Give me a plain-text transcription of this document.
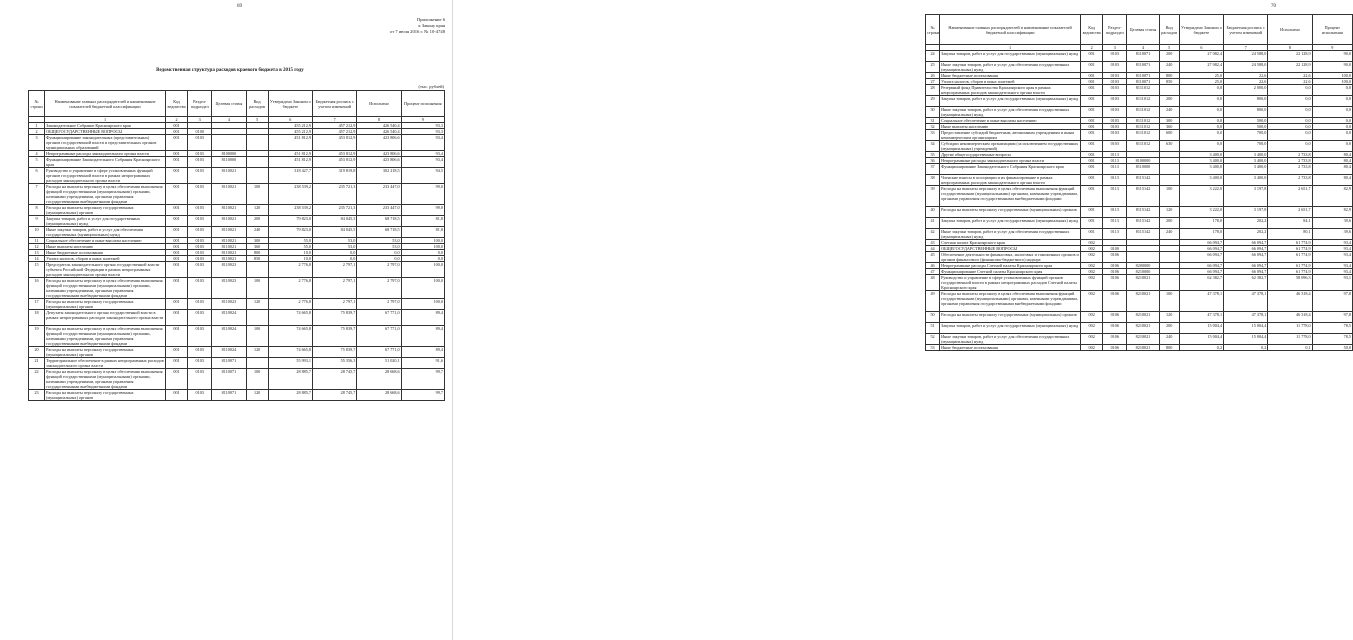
69
Приложение 6
к Закону края
от 7 июля 2016 г. № 10-4748
Ведомственная структура расходов краевого бюджета в 2015 году
(тыс. рублей)
№ строки	Наименование главных распорядителей и наименование показателей бюджетной классификации	Код ведомства	Раздел-подраздел	Целевая статья	Вид расходов	Утверждено Законом о бюджете	Бюджетная роспись с учетом изменений	Исполнено	Процент исполнения
	1	2	3	4	5	6	7	8	9
1	Законодательное Собрание Красноярского края	001				455 212,9	457 212,9	426 540,4	93,3
2	ОБЩЕГОСУДАРСТВЕННЫЕ ВОПРОСЫ	001	0100			455 212,9	457 212,9	426 540,4	93,3
3	Функционирование законодательных (представительных) органов государственной власти и представительных органов муниципальных образований	001	0103			451 812,9	453 812,9	423 806,6	93,4
4	Непрограммные расходы законодательного органа власти	001	0103	8100000		451 812,9	453 812,9	423 806,6	93,4
5	Функционирование Законодательного Собрания Красноярского края	001	0103	8110000		451 812,9	453 812,9	423 806,6	93,4
6	Руководство и управление в сфере установленных функций органов государственной власти в рамках непрограммных расходов законодательного органа власти	001	0103	8110021		318 427,7	319 819,8	302 218,5	94,5
7	Расходы на выплаты персоналу в целях обеспечения выполнения функций государственными (муниципальными) органами, казенными учреждениями, органами управления государственными внебюджетными фондами	001	0103	8110021	100	238 539,2	235 721,3	233 447,0	99,0
8	Расходы на выплаты персоналу государственных (муниципальных) органов	001	0103	8110021	120	238 539,2	235 721,3	233 447,0	99,0
9	Закупка товаров, работ и услуг для государственных (муниципальных) нужд	001	0103	8110021	200	79 823,0	84 045,5	68 718,5	81,8
10	Иные закупки товаров, работ и услуг для обеспечения государственных (муниципальных) нужд	001	0103	8110021	240	79 823,0	84 045,5	68 718,5	81,8
11	Социальное обеспечение и иные выплаты населению	001	0103	8110021	300	55,0	53,0	53,0	100,0
12	Иные выплаты населению	001	0103	8110021	360	55,0	53,0	53,0	100,0
13	Иные бюджетные ассигнования	001	0103	8110021	800	10,0	0,0	0,0	0,0
14	Уплата налогов, сборов и иных платежей	001	0103	8110021	850	10,0	0,0	0,0	0,0
15	Председатель законодательного органа государственной власти субъекта Российской Федерации в рамках непрограммных расходов законодательного органа власти	001	0103	8110023		2 776,8	2 797,1	2 797,0	100,0
16	Расходы на выплаты персоналу в целях обеспечения выполнения функций государственными (муниципальными) органами, казенными учреждениями, органами управления государственными внебюджетными фондами	001	0103	8110023	100	2 776,8	2 797,1	2 797,0	100,0
17	Расходы на выплаты персоналу государственных (муниципальных) органов	001	0103	8110023	120	2 776,8	2 797,1	2 797,0	100,0
18	Депутаты законодательного органа государственной власти в рамках непрограммных расходов законодательного органа власти	001	0103	8110024		74 665,8	75 839,7	67 771,0	89,4
19	Расходы на выплаты персоналу в целях обеспечения выполнения функций государственными (муниципальными) органами, казенными учреждениями, органами управления государственными внебюджетными фондами	001	0103	8110024	100	74 665,8	75 839,7	67 771,0	89,4
20	Расходы на выплаты персоналу государственных (муниципальных) органов	001	0103	8110024	120	74 665,8	75 839,7	67 771,0	89,4
21	Территориальное обеспечение в рамках непрограммных расходов законодательного органа власти	001	0103	8110071		55 993,1	55 356,3	51 020,1	91,6
22	Расходы на выплаты персоналу в целях обеспечения выполнения функций государственными (муниципальными) органами, казенными учреждениями, органами управления государственными внебюджетными фондами	001	0103	8110071	100	28 885,7	28 745,7	28 668,6	99,7
23	Расходы на выплаты персоналу государственных (муниципальных) органов	001	0103	8110071	120	28 885,7	28 745,7	28 668,6	99,7
70
№ строки	Наименование главных распорядителей и наименование показателей бюджетной классификации	Код ведомства	Раздел-подраздел	Целевая статья	Вид расходов	Утверждено Законом о бюджете	Бюджетная роспись с учетом изменений	Исполнено	Процент исполнения
	1	2	3	4	5	6	7	8	9
24	Закупка товаров, работ и услуг для государственных (муниципальных) нужд	001	0103	8110071	200	27 082,4	24 588,0	22 128,9	90,0
25	Иные закупки товаров, работ и услуг для обеспечения государственных (муниципальных) нужд	001	0103	8110071	240	27 082,4	24 588,0	22 128,9	90,0
26	Иные бюджетные ассигнования	001	0103	8110071	800	25,0	22,6	22,6	100,0
27	Уплата налогов, сборов и иных платежей	001	0103	8110071	850	25,0	22,6	22,6	100,0
28	Резервный фонд Правительства Красноярского края в рамках непрограммных расходов законодательного органа власти	001	0103	8111012		0,0	2 000,0	0,0	0,0
29	Закупка товаров, работ и услуг для государственных (муниципальных) нужд	001	0103	8111012	200	0,0	800,0	0,0	0,0
30	Иные закупки товаров, работ и услуг для обеспечения государственных (муниципальных) нужд	001	0103	8111012	240	0,0	800,0	0,0	0,0
31	Социальное обеспечение и иные выплаты населению	001	0103	8111012	300	0,0	500,0	0,0	0,0
32	Иные выплаты населению	001	0103	8111012	360	0,0	500,0	0,0	0,0
33	Предоставление субсидий бюджетным, автономным учреждениям и иным некоммерческим организациям	001	0103	8111012	600	0,0	700,0	0,0	0,0
34	Субсидии некоммерческим организациям (за исключением государственных (муниципальных) учреждений)	001	0103	8111012	630	0,0	700,0	0,0	0,0
35	Другие общегосударственные вопросы	001	0113			3 400,0	3 400,0	2 733,8	80,4
36	Непрограммные расходы законодательного органа власти	001	0113	8100000		3 400,0	3 400,0	2 733,8	80,4
37	Функционирование Законодательного Собрания Красноярского края	001	0113	8110000		3 400,0	3 400,0	2 733,8	80,4
38	Членские взносы в ассоциации и их финансирование в рамках непрограммных расходов законодательного органа власти	001	0113	8115142		3 400,0	3 400,0	2 733,8	80,4
39	Расходы на выплаты персоналу в целях обеспечения выполнения функций государственными (муниципальными) органами, казенными учреждениями, органами управления государственными внебюджетными фондами	001	0113	8115142	100	3 222,0	3 197,8	2 651,7	82,9
40	Расходы на выплаты персоналу государственных (муниципальных) органов	001	0113	8115142	120	3 222,0	3 197,8	2 651,7	82,9
41	Закупка товаров, работ и услуг для государственных (муниципальных) нужд	001	0113	8115142	200	178,0	202,2	84,1	39,6
42	Иные закупки товаров, работ и услуг для обеспечения государственных (муниципальных) нужд	001	0113	8115142	240	178,0	202,2	80,1	39,6
43	Счетная палата Красноярского края	002				66 094,7	66 094,7	61 774,9	93,4
44	ОБЩЕГОСУДАРСТВЕННЫЕ ВОПРОСЫ	002	0100			66 094,7	66 094,7	61 774,9	93,4
45	Обеспечение деятельности финансовых, налоговых и таможенных органов и органов финансового (финансово-бюджетного) надзора	002	0106			66 094,7	66 094,7	61 774,9	93,4
46	Непрограммные расходы Счетной палаты Красноярского края	002	0106	8200000		66 094,7	66 094,7	61 774,9	93,4
47	Функционирование Счетной палаты Красноярского края	002	0106	8210000		66 094,7	66 094,7	61 774,9	93,4
48	Руководство и управление в сфере установленных функций органов государственной власти в рамках непрограммных расходов Счетной палаты Красноярского края	002	0106	8210021		62 382,7	62 382,7	58 096,3	93,1
49	Расходы на выплаты персоналу в целях обеспечения выполнения функций государственными (муниципальными) органами, казенными учреждениями, органами управления государственными внебюджетными фондами	002	0106	8210021	100	47 378,1	47 378,1	46 318,4	97,8
50	Расходы на выплаты персоналу государственных (муниципальных) органов	002	0106	8210021	120	47 378,1	47 378,1	46 318,4	97,8
51	Закупка товаров, работ и услуг для государственных (муниципальных) нужд	002	0106	8210021	200	15 004,4	15 004,4	11 778,0	78,5
52	Иные закупки товаров, работ и услуг для обеспечения государственных (муниципальных) нужд	002	0106	8210021	240	15 004,4	15 004,4	11 778,0	78,5
53	Иные бюджетные ассигнования	002	0106	8210021	800	0,2	0,2	0,1	50,0
